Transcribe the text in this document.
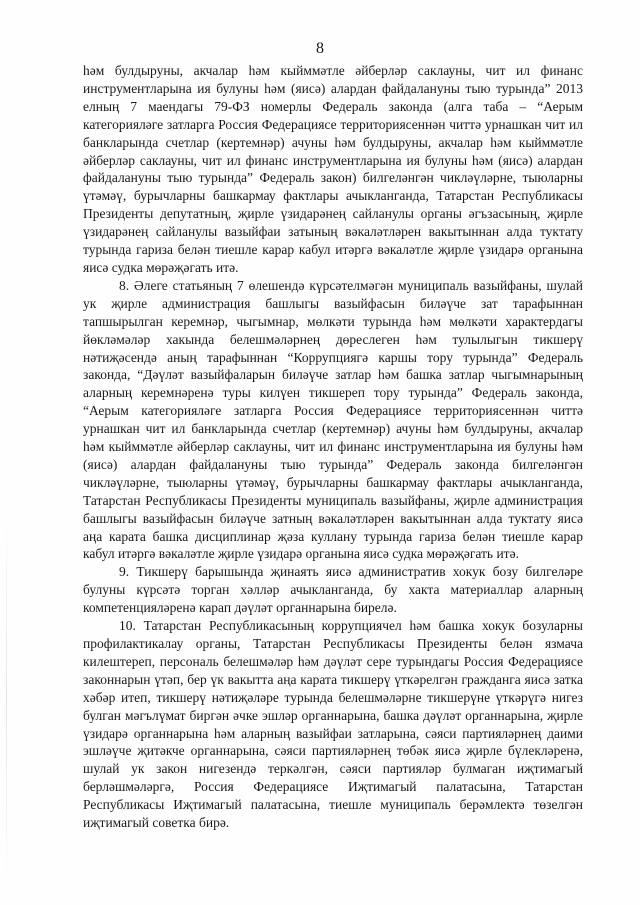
8

һәм булдыруны, акчалар һәм кыйммәтле әйберләр саклауны, чит ил финанс инструментларына ия булуны һәм (яисә) алардан файдалануны тыю турында” 2013 елның 7 маендагы 79-ФЗ номерлы Федераль законда (алга таба – “Аерым категорияләге затларга Россия Федерациясе территориясеннән читтә урнашкан чит ил банкларында счетлар (кертемнәр) ачуны һәм булдыруны, акчалар һәм кыйммәтле әйберләр саклауны, чит ил финанс инструментларына ия булуны һәм (яисә) алардан файдалануны тыю турында” Федераль закон) билгеләнгән чикләүләрне, тыюларны үтәмәү, бурычларны башкармау фактлары ачыкланганда, Татарстан Республикасы Президенты депутатның, җирле үзидарәнең сайланулы органы әгъзасының, җирле үзидарәнең сайланулы вазыйфаи затының вәкаләтләрен вакытыннан алда туктату турында гариза белән тиешле карар кабул итәргә вәкаләтле җирле үзидарә органына яисә судка мөрәҗәгать итә.

8. Әлеге статьяның 7 өлешендә күрсәтелмәгән муниципаль вазыйфаны, шулай ук җирле администрация башлыгы вазыйфасын биләүче зат тарафыннан тапшырылган керемнәр, чыгымнар, мөлкәти турында һәм мөлкәти характердагы йөкләмәләр хакында белешмәләрнең дөреслеген һәм тулылыгын тикшерү нәтиҗәсендә аның тарафыннан “Коррупциягә каршы тору турында” Федераль законда, “Дәүләт вазыйфаларын биләүче затлар һәм башка затлар чыгымнарының аларның керемнәренә туры килүен тикшереп тору турында” Федераль законда, “Аерым категорияләге затларга Россия Федерациясе территориясеннән читтә урнашкан чит ил банкларында счетлар (кертемнәр) ачуны һәм булдыруны, акчалар һәм кыйммәтле әйберләр саклауны, чит ил финанс инструментларына ия булуны һәм (яисә) алардан файдалануны тыю турында” Федераль законда билгеләнгән чикләүләрне, тыюларны үтәмәү, бурычларны башкармау фактлары ачыкланганда, Татарстан Республикасы Президенты муниципаль вазыйфаны, җирле администрация башлыгы вазыйфасын биләүче затның вәкаләтләрен вакытыннан алда туктату яисә аңа карата башка дисциплинар җәза куллану турында гариза белән тиешле карар кабул итәргә вәкаләтле җирле үзидарә органына яисә судка мөрәҗәгать итә.

9. Тикшерү барышында җинаять яисә административ хокук бозу билгеләре булуны күрсәтә торган хәлләр ачыкланганда, бу хакта материаллар аларның компетенцияләренә карап дәүләт органнарына бирелә.

10. Татарстан Республикасының коррупциячел һәм башка хокук бозуларны профилактикалау органы, Татарстан Республикасы Президенты белән язмача килештереп, персональ белешмәләр һәм дәүләт сере турындагы Россия Федерациясе законнарын үтәп, бер үк вакытта аңа карата тикшерү үткәрелгән гражданга яисә затка хәбәр итеп, тикшерү нәтиҗәләре турында белешмәләрне тикшерүне үткәрүгә нигез булган мәгълүмат биргән әчке эшләр органнарына, башка дәүләт органнарына, җирле үзидарә органнарына һәм аларның вазыйфаи затларына, сәяси партияләрнең даими эшләүче җитәкче органнарына, сәяси партияләрнең төбәк яисә җирле бүлекләренә, шулай ук закон нигезендә теркәлгән, сәяси партияләр булмаган иҗтимагый берләшмәләргә, Россия Федерациясе Иҗтимагый палатасына, Татарстан Республикасы Иҗтимагый палатасына, тиешле муниципаль берәмлектә төзелгән иҗтимагый советка бирә.
